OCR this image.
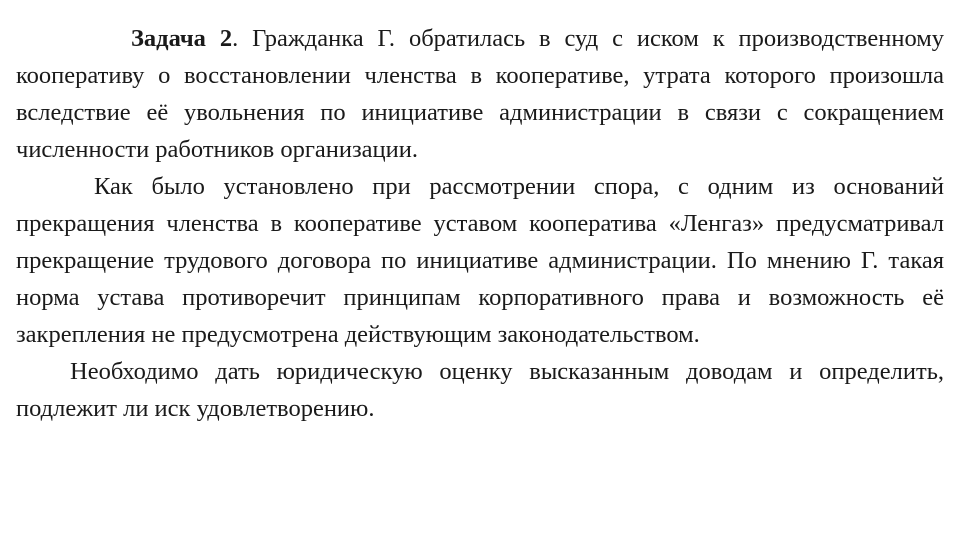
Задача 2. Гражданка Г. обратилась в суд с иском к производственному кооперативу о восстановлении членства в кооперативе, утрата которого произошла вследствие её увольнения по инициативе администрации в связи с сокращением численности работников организации.

Как было установлено при рассмотрении спора, с одним из оснований прекращения членства в кооперативе уставом кооператива «Ленгаз» предусматривал прекращение трудового договора по инициативе администрации. По мнению Г. такая норма устава противоречит принципам корпоративного права и возможность её закрепления не предусмотрена действующим законодательством.

Необходимо дать юридическую оценку высказанным доводам и определить, подлежит ли иск удовлетворению.
